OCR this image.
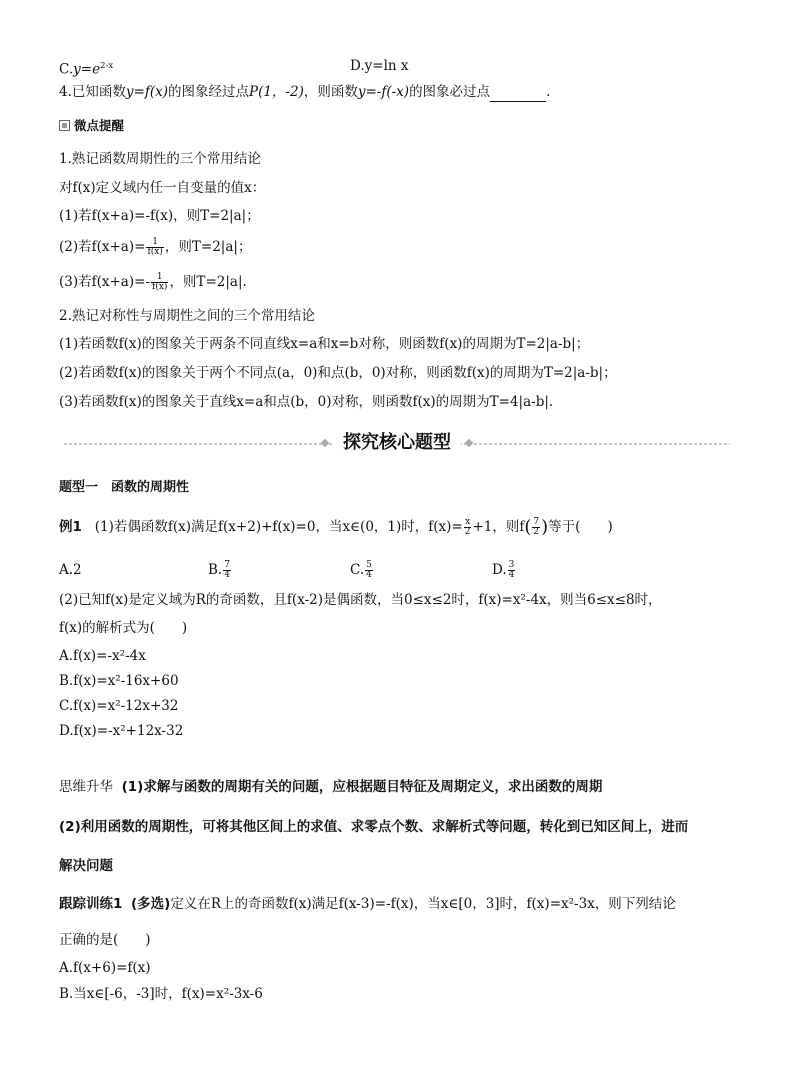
$C.y=e^{2-x}$	D.y=ln x
4.已知函数y=f(x)的图象经过点P(1，-2)，则函数y=-f(-x)的图象必过点	.
微点提醒
1.熟记函数周期性的三个常用结论
对f(x)定义域内任一自变量的值x：
(1)若f(x+a)=-f(x)，则T=2|a|；
(2)若$f(x+a)= \frac{1}{f(x)}$ ，则T=2|a|；
(3)若$f(x+a)=- \frac{1}{f(x)}$ ，则T=2|a|.
2.熟记对称性与周期性之间的三个常用结论
(1)若函数f(x)的图象关于两条不同直线x=a和x=b对称，则函数f(x)的周期为T=2|a-b|；
(2)若函数f(x)的图象关于两个不同点(a，0)和点(b，0)对称，则函数f(x)的周期为T=2|a-b|；
(3)若函数f(x)的图象关于直线x=a和点(b，0)对称，则函数f(x)的周期为T=4|a-b|.
探究核心题型
题型一　函数的周期性
例1 (1)若偶函数f(x)满足f(x+2)+f(x)=0，当x∈(0，1)时，$f(x)= \frac{x}{2} +1$，则$f( \frac{7}{2}$ )等于(　　)
A.2	B. $\frac{7}{4}$	C. $\frac{5}{4}$	D. $\frac{3}{4}$
(2)已知f(x)是定义域为R的奇函数，且f(x-2)是偶函数，当0≤x≤2时，f(x)=x²-4x，则当6≤x≤8时，
f(x)的解析式为(　　)
A.f(x)=-x²-4x
B.f(x)=x²-16x+60
C.f(x)=x²-12x+32
D.f(x)=-x²+12x-32
思维升华 (1)求解与函数的周期有关的问题，应根据题目特征及周期定义，求出函数的周期
(2)利用函数的周期性，可将其他区间上的求值、求零点个数、求解析式等问题，转化到已知区间上，进而
解决问题
跟踪训练1 (多选)定义在R上的奇函数f(x)满足f(x-3)=-f(x)，当x∈[0，3]时，f(x)=x²-3x，则下列结论
正确的是(　　)
A.f(x+6)=f(x)
B.当x∈[-6，-3]时，f(x)=x²-3x-6
